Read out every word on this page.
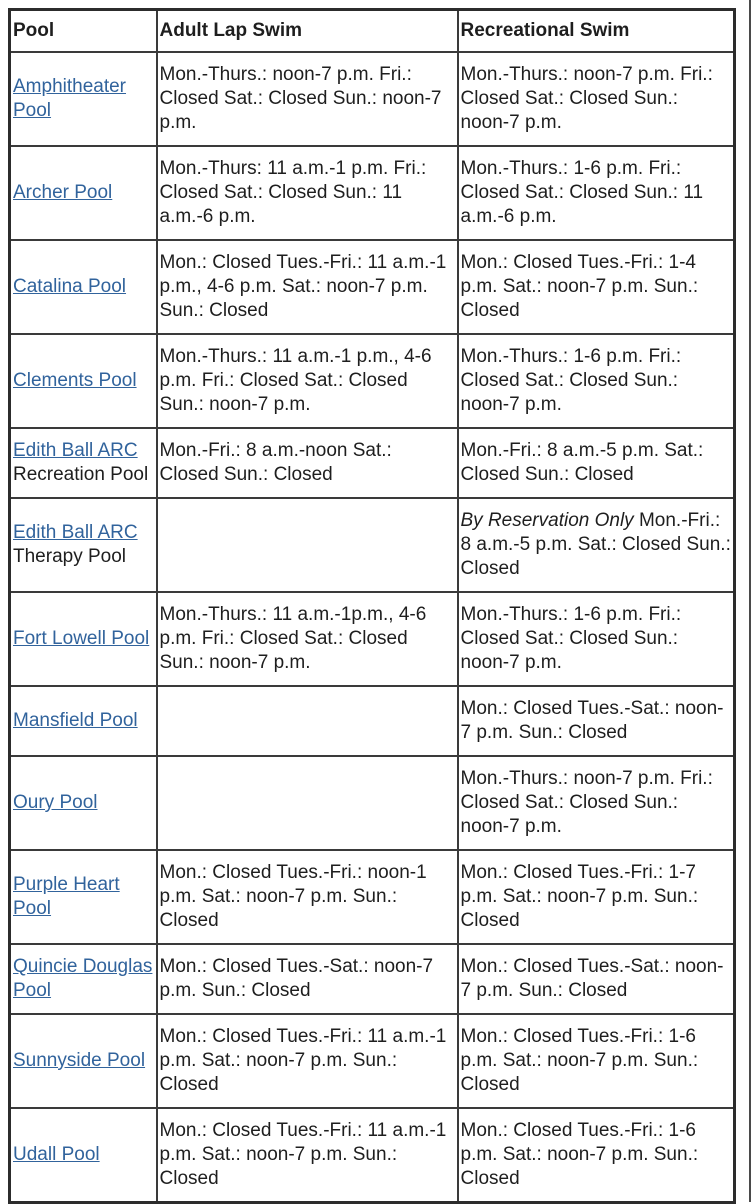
Pool	Adult Lap Swim	Recreational Swim
Amphitheater Pool	Mon.-Thurs.: noon-7 p.m. Fri.: Closed Sat.: Closed Sun.: noon-7 p.m.	Mon.-Thurs.: noon-7 p.m. Fri.: Closed Sat.: Closed Sun.: noon-7 p.m.
Archer Pool	Mon.-Thurs: 11 a.m.-1 p.m. Fri.: Closed Sat.: Closed Sun.: 11 a.m.-6 p.m.	Mon.-Thurs.: 1-6 p.m. Fri.: Closed Sat.: Closed Sun.: 11 a.m.-6 p.m.
Catalina Pool	Mon.: Closed Tues.-Fri.: 11 a.m.-1 p.m., 4-6 p.m. Sat.: noon-7 p.m. Sun.: Closed	Mon.: Closed Tues.-Fri.: 1-4 p.m. Sat.: noon-7 p.m. Sun.: Closed
Clements Pool	Mon.-Thurs.: 11 a.m.-1 p.m., 4-6 p.m. Fri.: Closed Sat.: Closed Sun.: noon-7 p.m.	Mon.-Thurs.: 1-6 p.m. Fri.: Closed Sat.: Closed Sun.: noon-7 p.m.
Edith Ball ARC Recreation Pool	Mon.-Fri.: 8 a.m.-noon Sat.: Closed Sun.: Closed	Mon.-Fri.: 8 a.m.-5 p.m. Sat.: Closed Sun.: Closed
Edith Ball ARC Therapy Pool		By Reservation Only Mon.-Fri.: 8 a.m.-5 p.m. Sat.: Closed Sun.: Closed
Fort Lowell Pool	Mon.-Thurs.: 11 a.m.-1p.m., 4-6 p.m. Fri.: Closed Sat.: Closed Sun.: noon-7 p.m.	Mon.-Thurs.: 1-6 p.m. Fri.: Closed Sat.: Closed Sun.: noon-7 p.m.
Mansfield Pool		Mon.: Closed Tues.-Sat.: noon-7 p.m. Sun.: Closed
Oury Pool		Mon.-Thurs.: noon-7 p.m. Fri.: Closed Sat.: Closed Sun.: noon-7 p.m.
Purple Heart Pool	Mon.: Closed Tues.-Fri.: noon-1 p.m. Sat.: noon-7 p.m. Sun.: Closed	Mon.: Closed Tues.-Fri.: 1-7 p.m. Sat.: noon-7 p.m. Sun.: Closed
Quincie Douglas Pool	Mon.: Closed Tues.-Sat.: noon-7 p.m. Sun.: Closed	Mon.: Closed Tues.-Sat.: noon-7 p.m. Sun.: Closed
Sunnyside Pool	Mon.: Closed Tues.-Fri.: 11 a.m.-1 p.m. Sat.: noon-7 p.m. Sun.: Closed	Mon.: Closed Tues.-Fri.: 1-6 p.m. Sat.: noon-7 p.m. Sun.: Closed
Udall Pool	Mon.: Closed Tues.-Fri.: 11 a.m.-1 p.m. Sat.: noon-7 p.m. Sun.: Closed	Mon.: Closed Tues.-Fri.: 1-6 p.m. Sat.: noon-7 p.m. Sun.: Closed
